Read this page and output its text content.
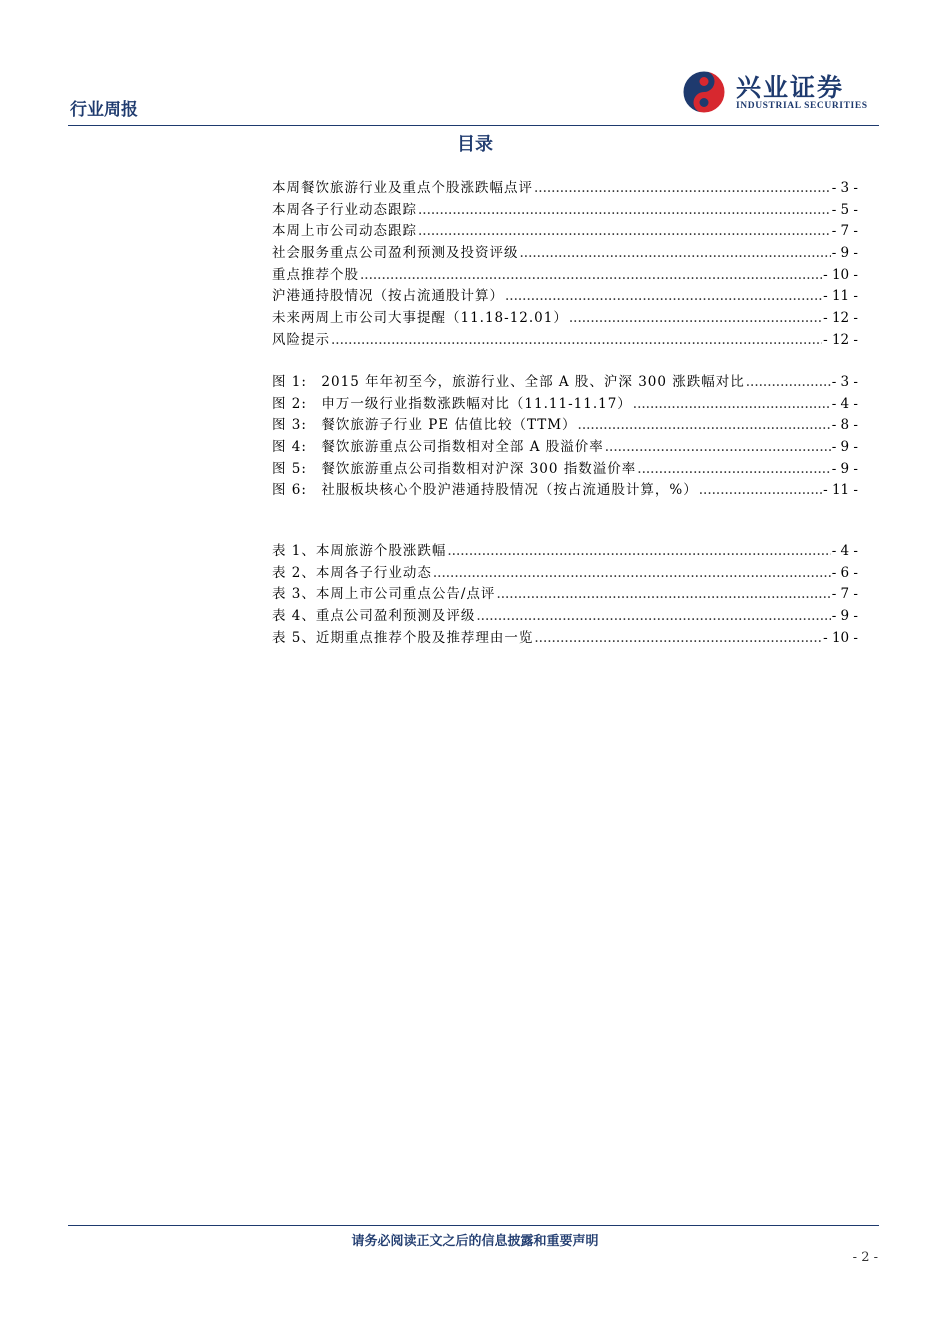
行业周报
兴业证券
INDUSTRIAL SECURITIES
目录
本周餐饮旅游行业及重点个股涨跌幅点评 .....	- 3 -
本周各子行业动态跟踪 .....	- 5 -
本周上市公司动态跟踪 .....	- 7 -
社会服务重点公司盈利预测及投资评级 .....	- 9 -
重点推荐个股 .....	- 10 -
沪港通持股情况（按占流通股计算） .....	- 11 -
未来两周上市公司大事提醒（11.18-12.01） .....	- 12 -
风险提示 .....	- 12 -
图 1:　2015 年年初至今，旅游行业、全部 A 股、沪深 300 涨跌幅对比 .....	- 3 -
图 2:　申万一级行业指数涨跌幅对比（11.11-11.17） .....	- 4 -
图 3:　餐饮旅游子行业 PE 估值比较（TTM） .....	- 8 -
图 4:　餐饮旅游重点公司指数相对全部 A 股溢价率 .....	- 9 -
图 5:　餐饮旅游重点公司指数相对沪深 300 指数溢价率 .....	- 9 -
图 6:　社服板块核心个股沪港通持股情况（按占流通股计算，%） .....	- 11 -
表 1、本周旅游个股涨跌幅 .....	- 4 -
表 2、本周各子行业动态 .....	- 6 -
表 3、本周上市公司重点公告/点评 .....	- 7 -
表 4、重点公司盈利预测及评级 .....	- 9 -
表 5、近期重点推荐个股及推荐理由一览 .....	- 10 -
请务必阅读正文之后的信息披露和重要声明
- 2 -
